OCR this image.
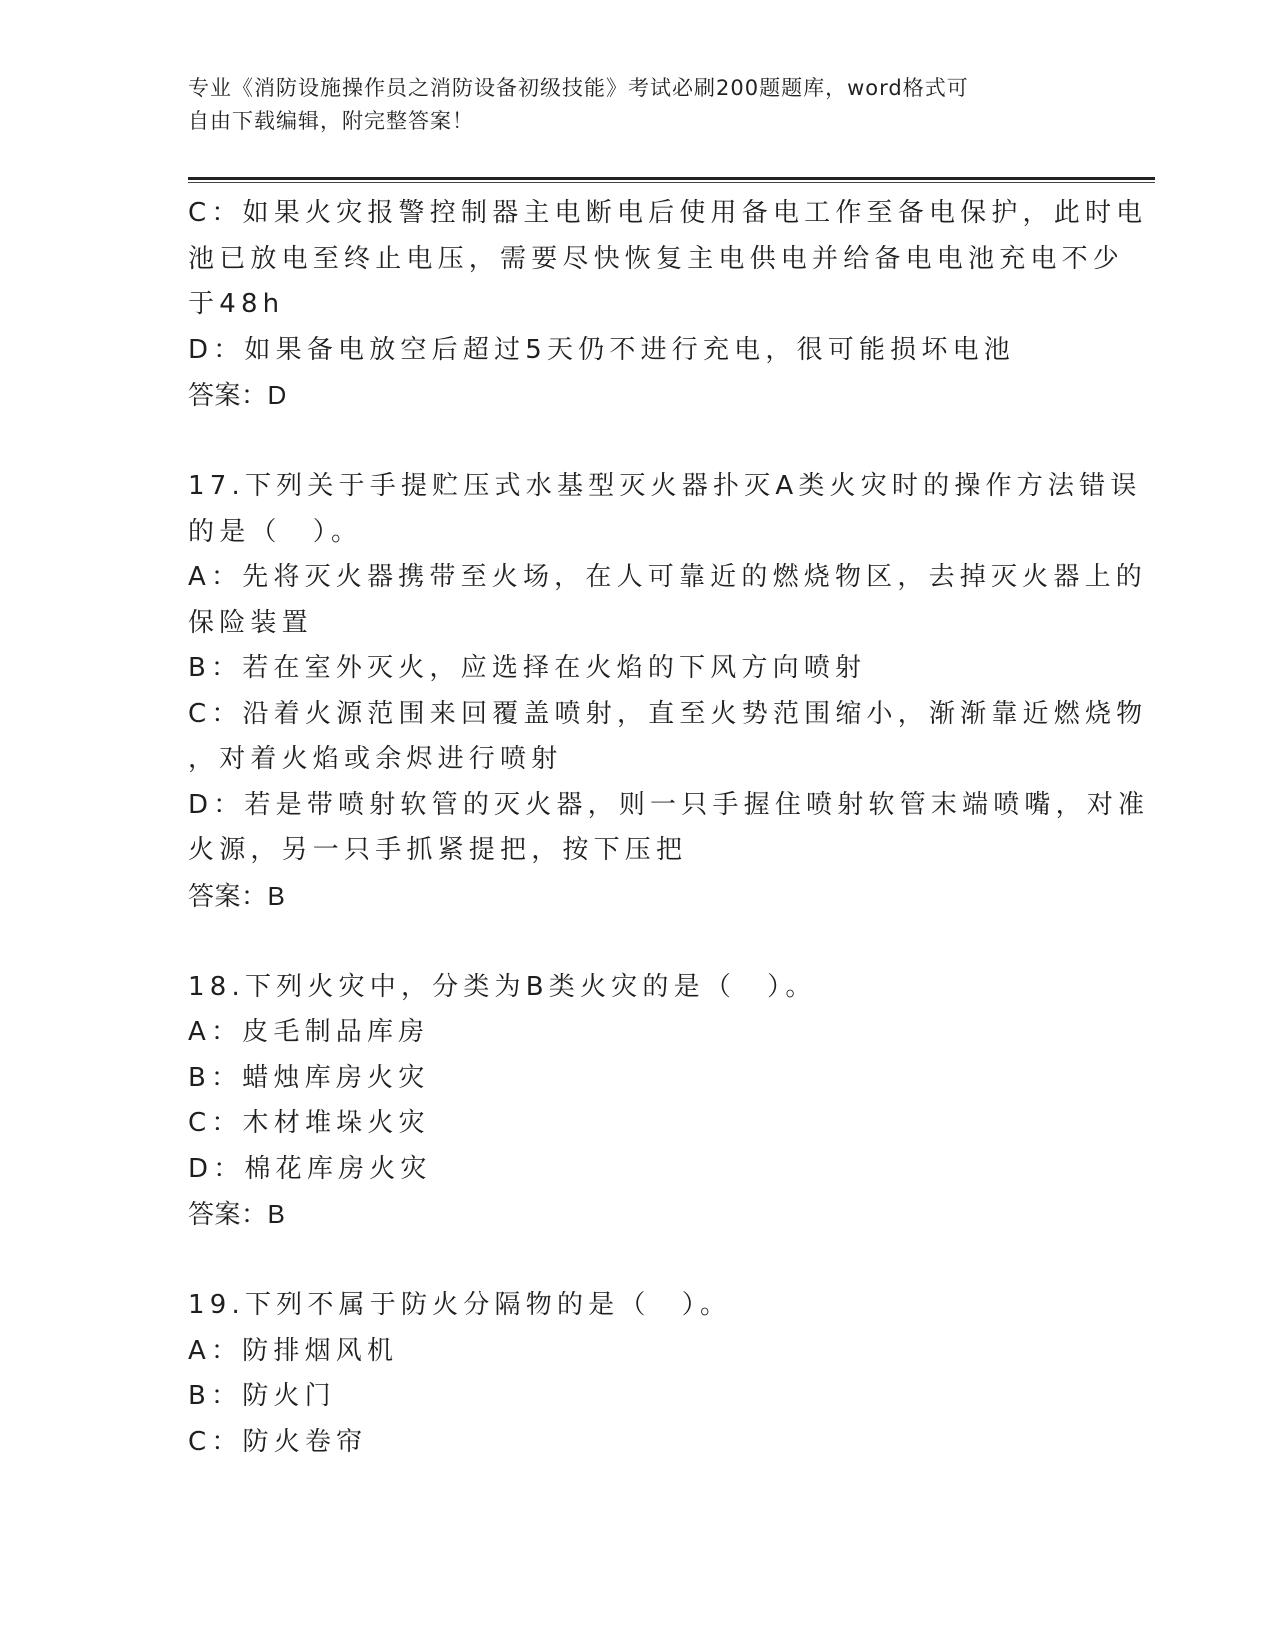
专业《消防设施操作员之消防设备初级技能》考试必刷200题题库，word格式可
自由下载编辑，附完整答案！
C：如果火灾报警控制器主电断电后使用备电工作至备电保护，此时电
池已放电至终止电压，需要尽快恢复主电供电并给备电电池充电不少
于48h
D：如果备电放空后超过5天仍不进行充电，很可能损坏电池
答案：D
17.下列关于手提贮压式水基型灭火器扑灭A类火灾时的操作方法错误
的是（　）。
A：先将灭火器携带至火场，在人可靠近的燃烧物区，去掉灭火器上的
保险装置
B：若在室外灭火，应选择在火焰的下风方向喷射
C：沿着火源范围来回覆盖喷射，直至火势范围缩小，渐渐靠近燃烧物
，对着火焰或余烬进行喷射
D：若是带喷射软管的灭火器，则一只手握住喷射软管末端喷嘴，对准
火源，另一只手抓紧提把，按下压把
答案：B
18.下列火灾中，分类为B类火灾的是（　）。
A：皮毛制品库房
B：蜡烛库房火灾
C：木材堆垛火灾
D：棉花库房火灾
答案：B
19.下列不属于防火分隔物的是（　）。
A：防排烟风机
B：防火门
C：防火卷帘
